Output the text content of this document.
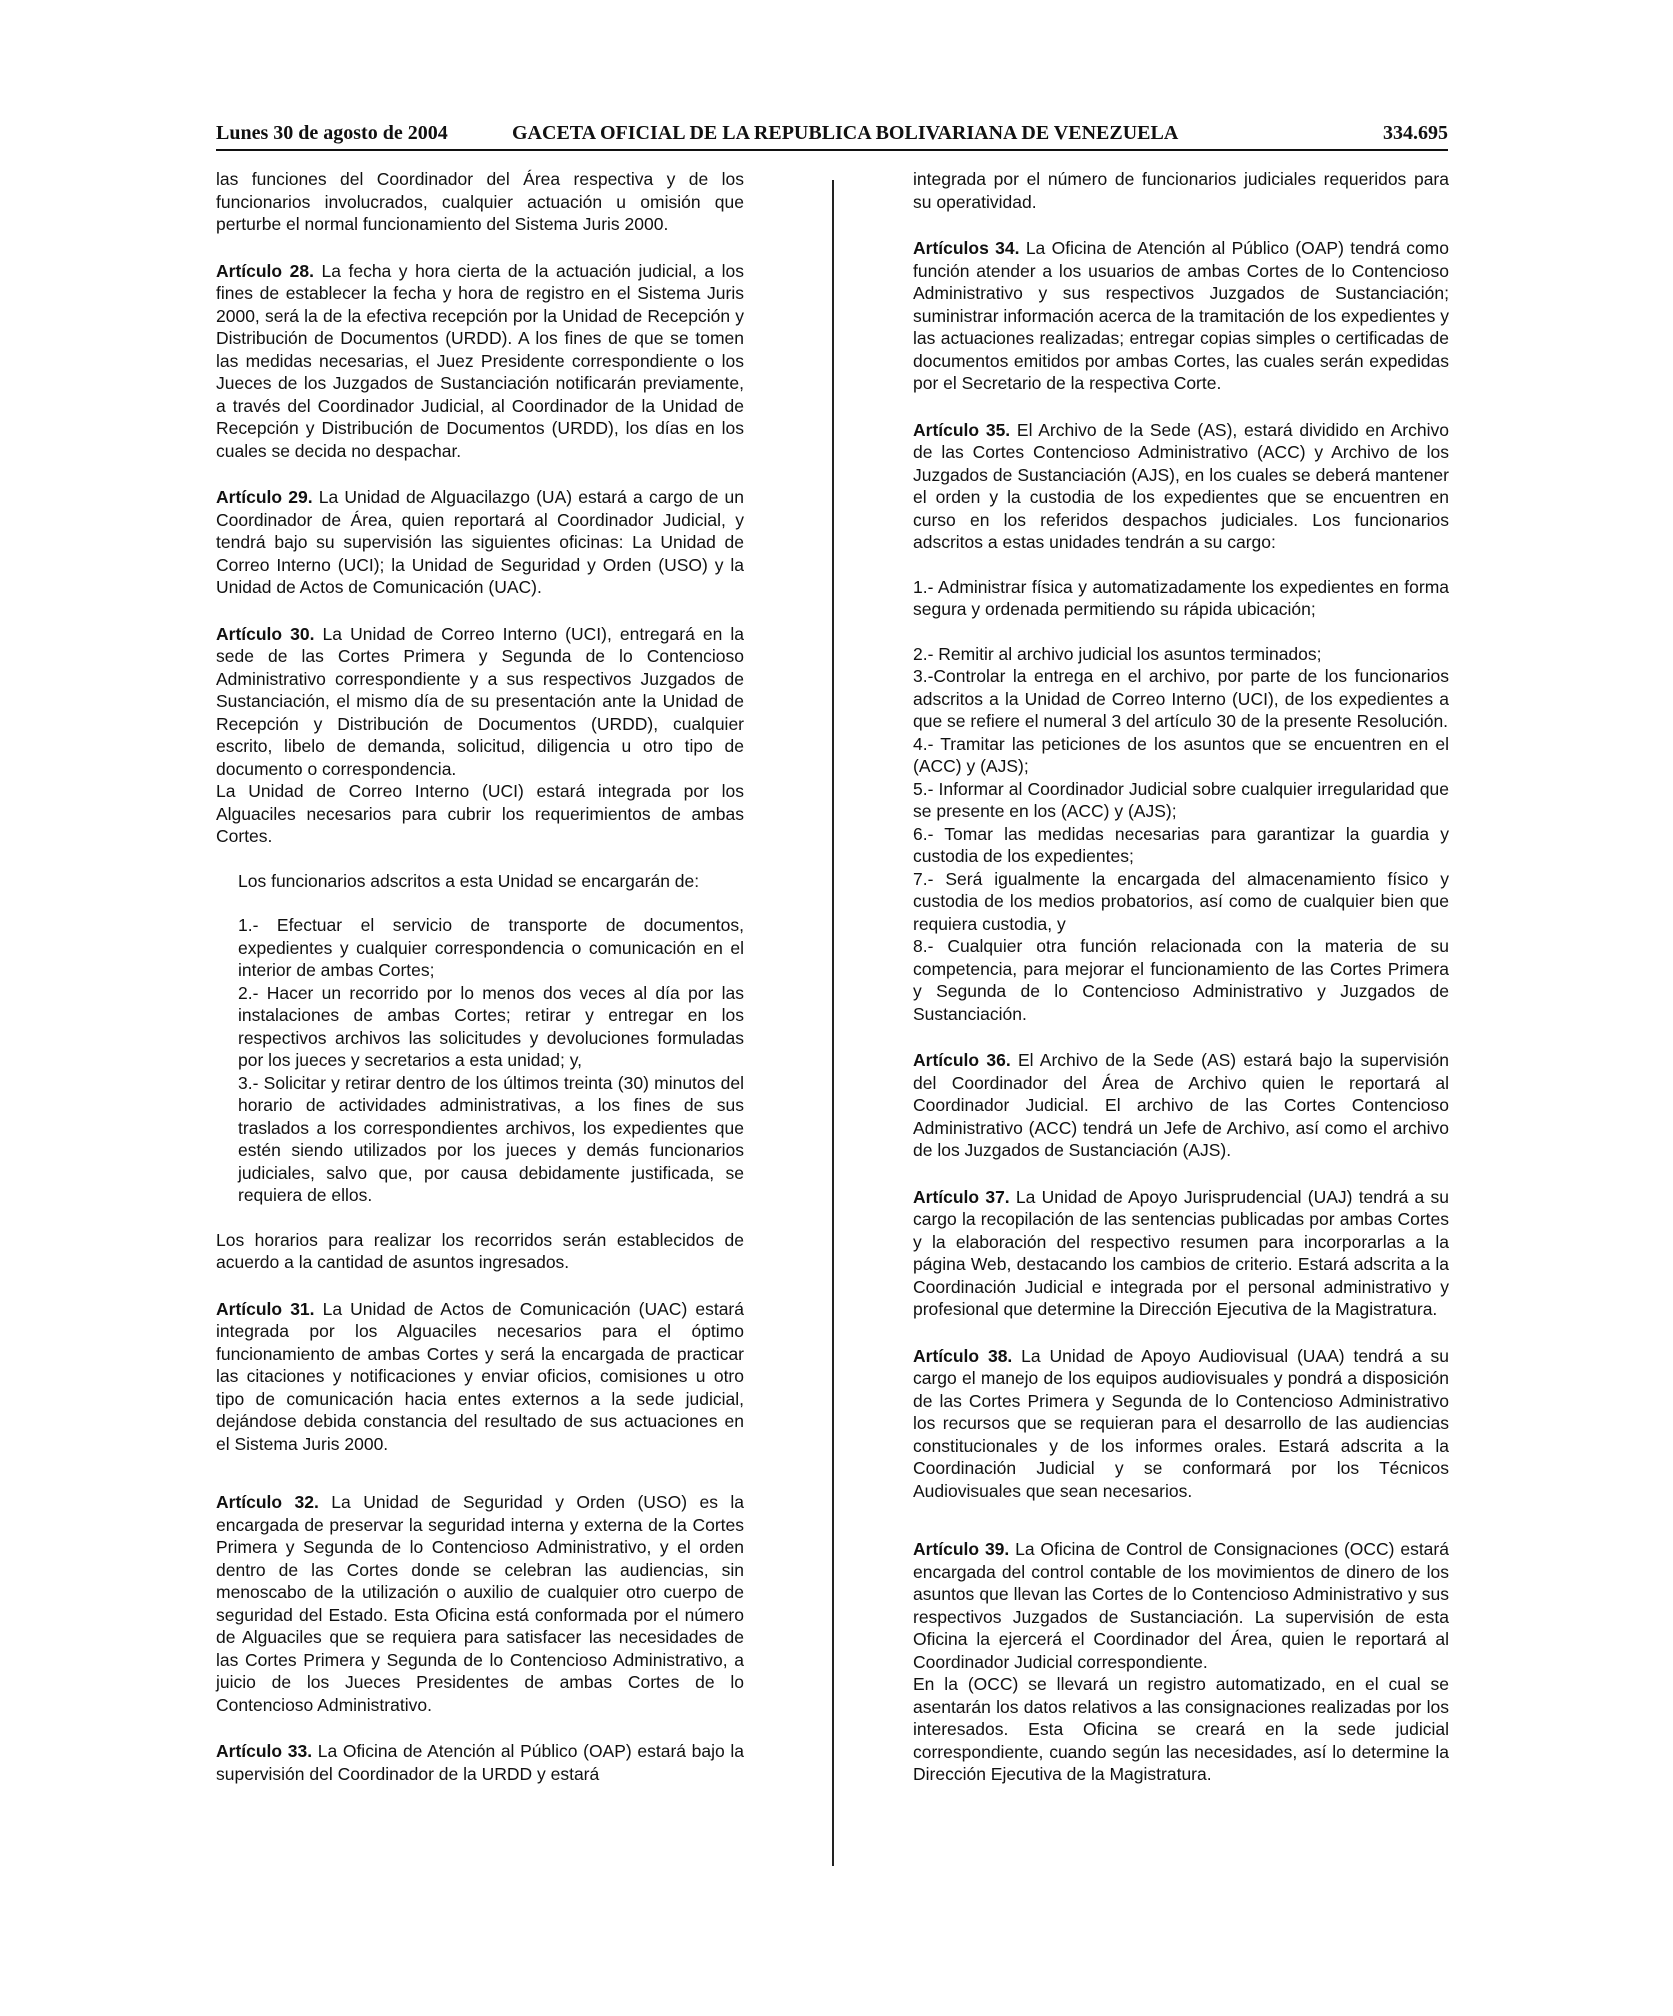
Lunes 30 de agosto de 2004	GACETA OFICIAL DE LA REPUBLICA BOLIVARIANA DE VENEZUELA	334.695

las funciones del Coordinador del Área respectiva y de los funcionarios involucrados, cualquier actuación u omisión que perturbe el normal funcionamiento del Sistema Juris 2000.

Artículo 28. La fecha y hora cierta de la actuación judicial, a los fines de establecer la fecha y hora de registro en el Sistema Juris 2000, será la de la efectiva recepción por la Unidad de Recepción y Distribución de Documentos (URDD). A los fines de que se tomen las medidas necesarias, el Juez Presidente correspondiente o los Jueces de los Juzgados de Sustanciación notificarán previamente, a través del Coordinador Judicial, al Coordinador de la Unidad de Recepción y Distribución de Documentos (URDD), los días en los cuales se decida no despachar.

Artículo 29. La Unidad de Alguacilazgo (UA) estará a cargo de un Coordinador de Área, quien reportará al Coordinador Judicial, y tendrá bajo su supervisión las siguientes oficinas: La Unidad de Correo Interno (UCI); la Unidad de Seguridad y Orden (USO) y la Unidad de Actos de Comunicación (UAC).

Artículo 30. La Unidad de Correo Interno (UCI), entregará en la sede de las Cortes Primera y Segunda de lo Contencioso Administrativo correspondiente y a sus respectivos Juzgados de Sustanciación, el mismo día de su presentación ante la Unidad de Recepción y Distribución de Documentos (URDD), cualquier escrito, libelo de demanda, solicitud, diligencia u otro tipo de documento o correspondencia.

La Unidad de Correo Interno (UCI) estará integrada por los Alguaciles necesarios para cubrir los requerimientos de ambas Cortes.

Los funcionarios adscritos a esta Unidad se encargarán de:

1.- Efectuar el servicio de transporte de documentos, expedientes y cualquier correspondencia o comunicación en el interior de ambas Cortes;

2.- Hacer un recorrido por lo menos dos veces al día por las instalaciones de ambas Cortes; retirar y entregar en los respectivos archivos las solicitudes y devoluciones formuladas por los jueces y secretarios a esta unidad; y,

3.- Solicitar y retirar dentro de los últimos treinta (30) minutos del horario de actividades administrativas, a los fines de sus traslados a los correspondientes archivos, los expedientes que estén siendo utilizados por los jueces y demás funcionarios judiciales, salvo que, por causa debidamente justificada, se requiera de ellos.

Los horarios para realizar los recorridos serán establecidos de acuerdo a la cantidad de asuntos ingresados.

Artículo 31. La Unidad de Actos de Comunicación (UAC) estará integrada por los Alguaciles necesarios para el óptimo funcionamiento de ambas Cortes y será la encargada de practicar las citaciones y notificaciones y enviar oficios, comisiones u otro tipo de comunicación hacia entes externos a la sede judicial, dejándose debida constancia del resultado de sus actuaciones en el Sistema Juris 2000.

Artículo 32. La Unidad de Seguridad y Orden (USO) es la encargada de preservar la seguridad interna y externa de la Cortes Primera y Segunda de lo Contencioso Administrativo, y el orden dentro de las Cortes donde se celebran las audiencias, sin menoscabo de la utilización o auxilio de cualquier otro cuerpo de seguridad del Estado. Esta Oficina está conformada por el número de Alguaciles que se requiera para satisfacer las necesidades de las Cortes Primera y Segunda de lo Contencioso Administrativo, a juicio de los Jueces Presidentes de ambas Cortes de lo Contencioso Administrativo.

Artículo 33. La Oficina de Atención al Público (OAP) estará bajo la supervisión del Coordinador de la URDD y estará

integrada por el número de funcionarios judiciales requeridos para su operatividad.

Artículos 34. La Oficina de Atención al Público (OAP) tendrá como función atender a los usuarios de ambas Cortes de lo Contencioso Administrativo y sus respectivos Juzgados de Sustanciación; suministrar información acerca de la tramitación de los expedientes y las actuaciones realizadas; entregar copias simples o certificadas de documentos emitidos por ambas Cortes, las cuales serán expedidas por el Secretario de la respectiva Corte.

Artículo 35. El Archivo de la Sede (AS), estará dividido en Archivo de las Cortes Contencioso Administrativo (ACC) y Archivo de los Juzgados de Sustanciación (AJS), en los cuales se deberá mantener el orden y la custodia de los expedientes que se encuentren en curso en los referidos despachos judiciales. Los funcionarios adscritos a estas unidades tendrán a su cargo:

1.- Administrar física y automatizadamente los expedientes en forma segura y ordenada permitiendo su rápida ubicación;

2.- Remitir al archivo judicial los asuntos terminados;

3.-Controlar la entrega en el archivo, por parte de los funcionarios adscritos a la Unidad de Correo Interno (UCI), de los expedientes a que se refiere el numeral 3 del artículo 30 de la presente Resolución.

4.- Tramitar las peticiones de los asuntos que se encuentren en el (ACC) y (AJS);

5.- Informar al Coordinador Judicial sobre cualquier irregularidad que se presente en los (ACC) y (AJS);

6.- Tomar las medidas necesarias para garantizar la guardia y custodia de los expedientes;

7.- Será igualmente la encargada del almacenamiento físico y custodia de los medios probatorios, así como de cualquier bien que requiera custodia, y

8.- Cualquier otra función relacionada con la materia de su competencia, para mejorar el funcionamiento de las Cortes Primera y Segunda de lo Contencioso Administrativo y Juzgados de Sustanciación.

Artículo 36. El Archivo de la Sede (AS) estará bajo la supervisión del Coordinador del Área de Archivo quien le reportará al Coordinador Judicial. El archivo de las Cortes Contencioso Administrativo (ACC) tendrá un Jefe de Archivo, así como el archivo de los Juzgados de Sustanciación (AJS).

Artículo 37. La Unidad de Apoyo Jurisprudencial (UAJ) tendrá a su cargo la recopilación de las sentencias publicadas por ambas Cortes y la elaboración del respectivo resumen para incorporarlas a la página Web, destacando los cambios de criterio. Estará adscrita a la Coordinación Judicial e integrada por el personal administrativo y profesional que determine la Dirección Ejecutiva de la Magistratura.

Artículo 38. La Unidad de Apoyo Audiovisual (UAA) tendrá a su cargo el manejo de los equipos audiovisuales y pondrá a disposición de las Cortes Primera y Segunda de lo Contencioso Administrativo los recursos que se requieran para el desarrollo de las audiencias constitucionales y de los informes orales. Estará adscrita a la Coordinación Judicial y se conformará por los Técnicos Audiovisuales que sean necesarios.

Artículo 39. La Oficina de Control de Consignaciones (OCC) estará encargada del control contable de los movimientos de dinero de los asuntos que llevan las Cortes de lo Contencioso Administrativo y sus respectivos Juzgados de Sustanciación. La supervisión de esta Oficina la ejercerá el Coordinador del Área, quien le reportará al Coordinador Judicial correspondiente.

En la (OCC) se llevará un registro automatizado, en el cual se asentarán los datos relativos a las consignaciones realizadas por los interesados. Esta Oficina se creará en la sede judicial correspondiente, cuando según las necesidades, así lo determine la Dirección Ejecutiva de la Magistratura.
